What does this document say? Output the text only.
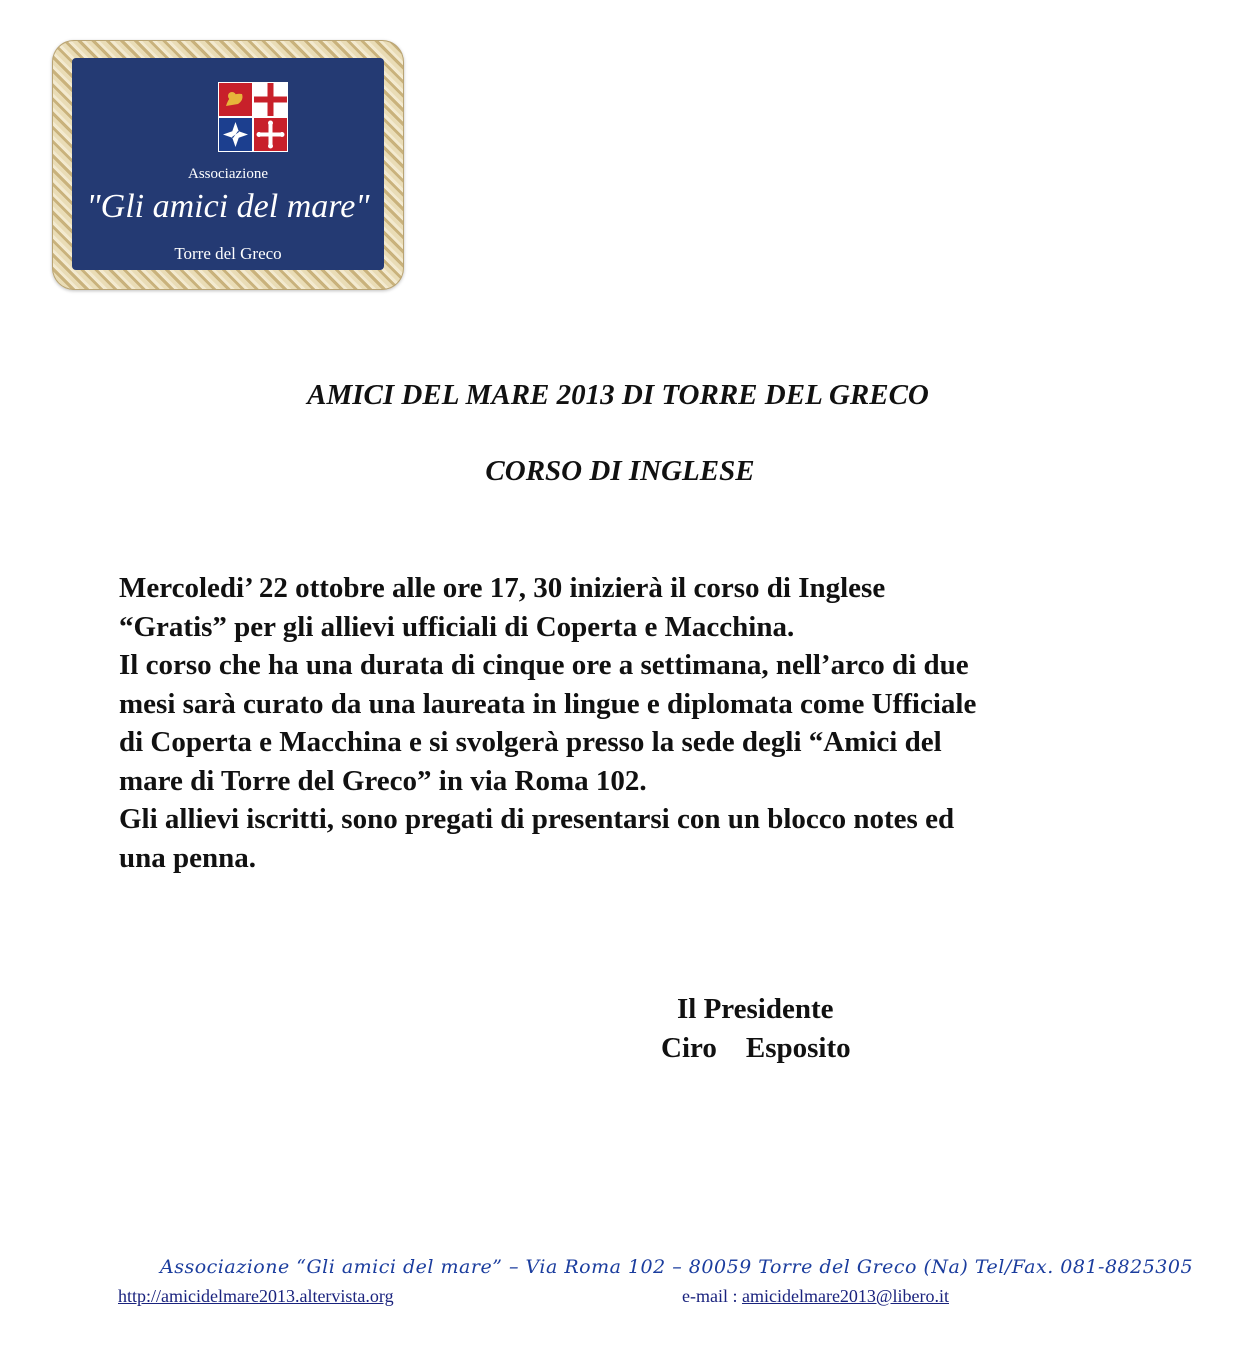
Associazione
"Gli amici del mare"
Torre del Greco
AMICI DEL MARE 2013 DI TORRE DEL GRECO
CORSO DI INGLESE
Mercoledi’ 22 ottobre alle ore 17, 30 inizierà il corso di Inglese
“Gratis” per gli allievi ufficiali di Coperta e Macchina.
Il corso che ha una durata di cinque ore a settimana, nell’arco di due
mesi sarà curato da una laureata in lingue e diplomata come Ufficiale
di Coperta e Macchina e si svolgerà presso la sede degli “Amici del
mare di Torre del Greco” in via Roma 102.
Gli allievi iscritti, sono pregati di presentarsi con un blocco notes ed
una penna.
Il Presidente
Ciro    Esposito
Associazione “Gli amici del mare” – Via Roma 102 – 80059 Torre del Greco (Na) Tel/Fax. 081-8825305
http://amicidelmare2013.altervista.org	e-mail : amicidelmare2013@libero.it
